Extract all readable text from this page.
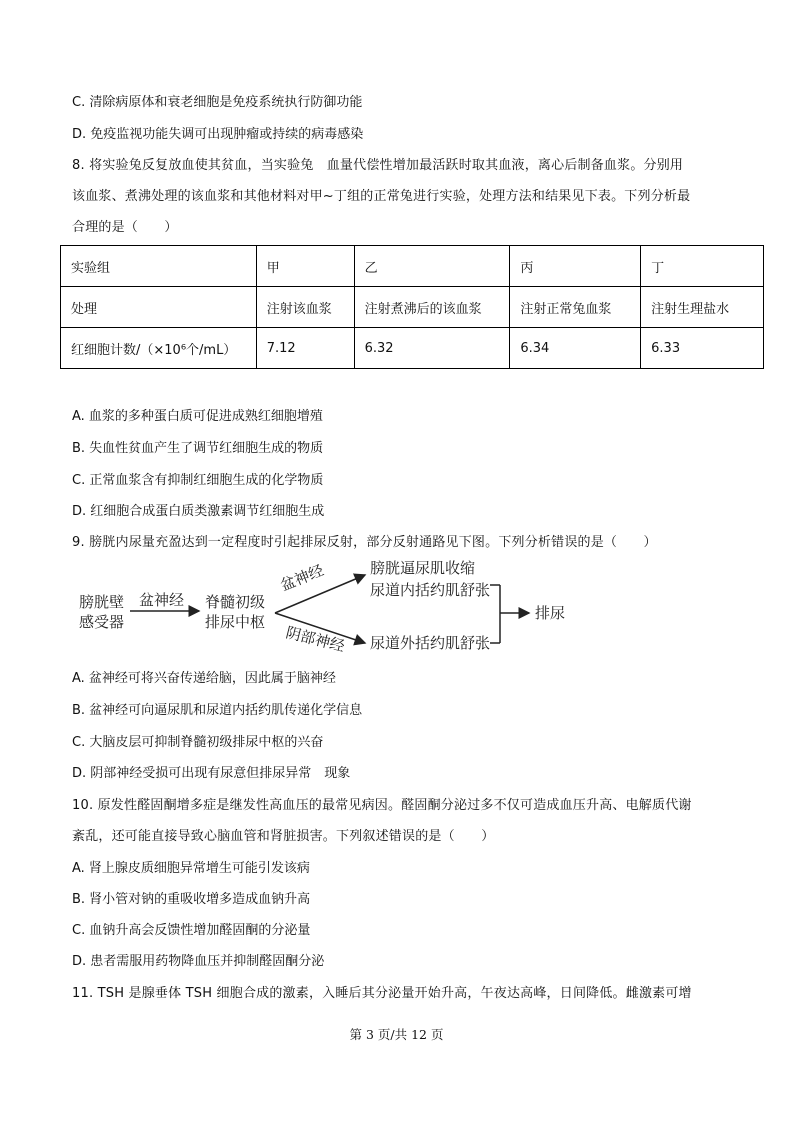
C. 清除病原体和衰老细胞是免疫系统执行防御功能
D. 免疫监视功能失调可出现肿瘤或持续的病毒感染
8. 将实验兔反复放血使其贫血，当实验兔　血量代偿性增加最活跃时取其血液，离心后制备血浆。分别用
该血浆、煮沸处理的该血浆和其他材料对甲~丁组的正常兔进行实验，处理方法和结果见下表。下列分析最
合理的是（　　）
实验组	甲	乙	丙	丁
处理	注射该血浆	注射煮沸后的该血浆	注射正常兔血浆	注射生理盐水
红细胞计数/（×10⁶个/mL）	7.12	6.32	6.34	6.33
A. 血浆的多种蛋白质可促进成熟红细胞增殖
B. 失血性贫血产生了调节红细胞生成的物质
C. 正常血浆含有抑制红细胞生成的化学物质
D. 红细胞合成蛋白质类激素调节红细胞生成
9. 膀胱内尿量充盈达到一定程度时引起排尿反射，部分反射通路见下图。下列分析错误的是（　　）
膀胱壁
感受器
盆神经 脊髓初级
排尿中枢
盆神经
阴部神经
膀胱逼尿肌收缩
尿道内括约肌舒张
尿道外括约肌舒张
排尿
A. 盆神经可将兴奋传递给脑，因此属于脑神经
B. 盆神经可向逼尿肌和尿道内括约肌传递化学信息
C. 大脑皮层可抑制脊髓初级排尿中枢的兴奋
D. 阴部神经受损可出现有尿意但排尿异常　现象
10. 原发性醛固酮增多症是继发性高血压的最常见病因。醛固酮分泌过多不仅可造成血压升高、电解质代谢
紊乱，还可能直接导致心脑血管和肾脏损害。下列叙述错误的是（　　）
A. 肾上腺皮质细胞异常增生可能引发该病
B. 肾小管对钠的重吸收增多造成血钠升高
C. 血钠升高会反馈性增加醛固酮的分泌量
D. 患者需服用药物降血压并抑制醛固酮分泌
11. TSH 是腺垂体 TSH 细胞合成的激素，入睡后其分泌量开始升高，午夜达高峰，日间降低。雌激素可增
第 3 页/共 12 页
